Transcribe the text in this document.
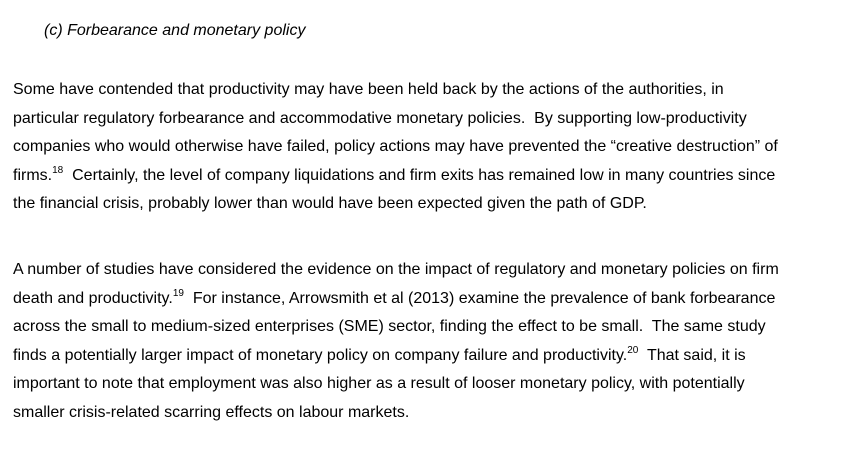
(c) Forbearance and monetary policy
Some have contended that productivity may have been held back by the actions of the authorities, in
particular regulatory forbearance and accommodative monetary policies.  By supporting low-productivity
companies who would otherwise have failed, policy actions may have prevented the “creative destruction” of
firms.$^{18}$  Certainly, the level of company liquidations and firm exits has remained low in many countries since
the financial crisis, probably lower than would have been expected given the path of GDP.
A number of studies have considered the evidence on the impact of regulatory and monetary policies on firm
death and productivity.$^{19}$  For instance, Arrowsmith et al (2013) examine the prevalence of bank forbearance
across the small to medium-sized enterprises (SME) sector, finding the effect to be small.  The same study
finds a potentially larger impact of monetary policy on company failure and productivity.$^{20}$  That said, it is
important to note that employment was also higher as a result of looser monetary policy, with potentially
smaller crisis-related scarring effects on labour markets.
